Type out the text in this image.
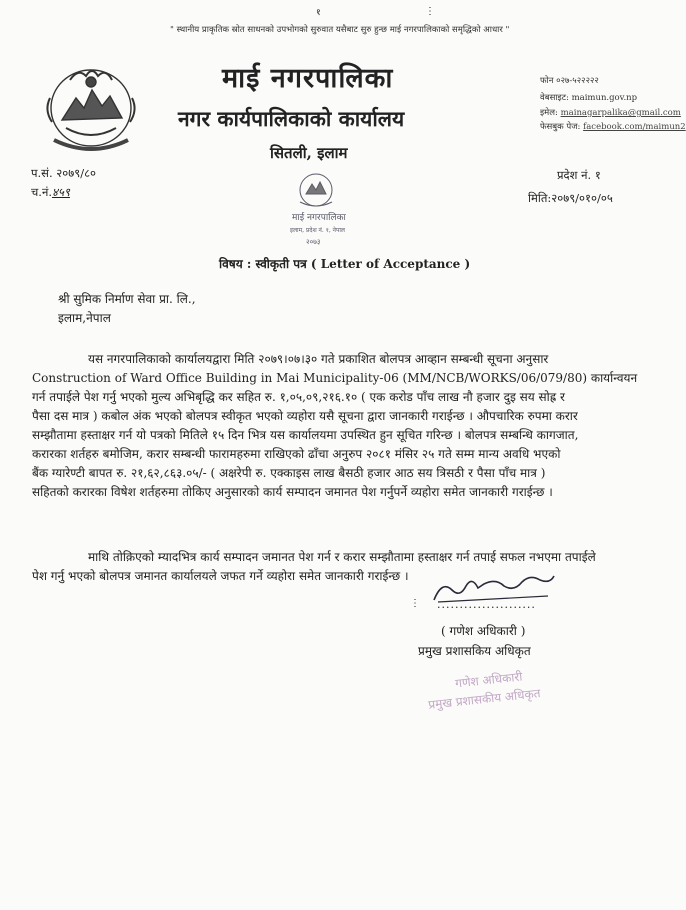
१	⋮
" स्थानीय प्राकृतिक स्रोत साधनको उपभोगको सुरुवात यसैबाट सुरु हुन्छ माई नगरपालिकाको समृद्धिको आधार "
माई नगरपालिका
नगर कार्यपालिकाको कार्यालय
सितली, इलाम
फोन ०२७-५२२२२२
वेबसाइट: maimun.gov.np
इमेल: mainagarpalika@gmail.com
फेसबुक पेज: facebook.com/maimun2
प.सं. २०७९/८०
च.नं.४५९
प्रदेश नं. १
मिति:२०७९/०१०/०५
माई नगरपालिका
इलाम, प्रदेश नं. १, नेपाल
२०७३
विषय : स्वीकृती पत्र ( Letter of Acceptance )
श्री सुमिक निर्माण सेवा प्रा. लि.,
इलाम,नेपाल
यस नगरपालिकाको कार्यालयद्वारा मिति २०७९।०७।३० गते प्रकाशित बोलपत्र आव्हान सम्बन्धी सूचना अनुसार
Construction of Ward Office Building in Mai Municipality-06 (MM/NCB/WORKS/06/079/80) कार्यान्वयन
गर्न तपाईले पेश गर्नु भएको मुल्य अभिबृद्धि कर सहित रु. १,०५,०९,२१६.१० ( एक करोड पाँच लाख नौ हजार दुइ सय सोह्र र
पैसा दस मात्र ) कबोल अंक भएको बोलपत्र स्वीकृत भएको व्यहोरा यसै सूचना द्वारा जानकारी गराईन्छ । औपचारिक रुपमा करार
सम्झौतामा हस्ताक्षर गर्न यो पत्रको मितिले १५ दिन भित्र यस कार्यालयमा उपस्थित हुन सूचित गरिन्छ । बोलपत्र सम्बन्धि कागजात,
करारका शर्तहरु बमोजिम, करार सम्बन्धी फारामहरुमा राखिएको ढाँचा अनुरुप २०८१ मंसिर २५ गते सम्म मान्य अवधि भएको
बैंक ग्यारेण्टी बापत रु. २१,६२,८६३.०५/- ( अक्षरेपी रु. एक्काइस लाख बैसठी हजार आठ सय त्रिसठी र पैसा पाँच मात्र )
सहितको करारका विषेश शर्तहरुमा तोकिए अनुसारको कार्य सम्पादन जमानत पेश गर्नुपर्ने व्यहोरा समेत जानकारी गराईन्छ ।
माथि तोक़िएको म्यादभित्र कार्य सम्पादन जमानत पेश गर्न र करार सम्झौतामा हस्ताक्षर गर्न तपाई सफल नभएमा तपाईले
पेश गर्नु भएको बोलपत्र जमानत कार्यालयले जफत गर्ने व्यहोरा समेत जानकारी गराईन्छ ।
⋮ ......................
( गणेश अधिकारी )
प्रमुख प्रशासकिय अधिकृत
गणेश अधिकारी
प्रमुख प्रशासकीय अधिकृत
